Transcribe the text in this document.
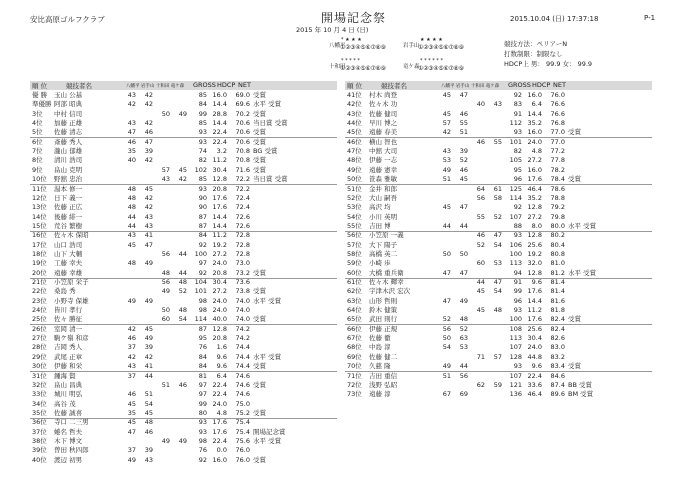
安比高原ゴルフクラブ	開場記念祭
2015 年 10 月 4 日 (日)
2015.10.04 (日) 17:37:18	P-1
八幡平
* ★ ★ ★
①②③④⑤⑥⑦⑧⑨	岩手山
★ ★ ★ ★
①②③④⑤⑥⑦⑧⑨
十和田
* * * * *
①②③④⑤⑥⑦⑧⑨	竜ケ森
* * * * * *
①②③④⑤⑥⑦⑧⑨
競技方法：ペリアーN
打数制限：制限なし
HDCP上 男： 99.9 女： 99.9
順 位	競技者名	八幡平 岩手山 十和田 竜ケ森 GROSS HDCP NET	順 位	競技者名	八幡平 岩手山 十和田 竜ケ森 GROSS HDCP NET
優 勝 玉山 公基	43 42	85 16.0 69.0 受賞
準優勝 阿部 昭典	42 42	84 14.4 69.6 水平 受賞
3位 中村 信司	50 49	99 28.8 70.2 受賞
4位 加藤 正雄	43 42	85 14.4 70.6 当日賞 受賞
5位 佐藤 清志	47 46	93 22.4 70.6 受賞
6位 斎藤 秀人	46 47	93 22.4 70.6 受賞
7位 瀧山 郁雄	35 39	74	3.2 70.8 BG 受賞
8位 清川 浩司	40 42	82 11.2 70.8 受賞
9位 畠山 克明	57 45 102 30.4 71.6 受賞
10位 野舘 忠治	43 42	85 12.8 72.2 当日賞 受賞
11位 湯本 修一	48 45	93 20.8 72.2
12位 日下 義一	48 42	90 17.6 72.4
13位 佐藤 正広	48 42	90 17.6 72.4
14位 後藤 緋一	44 43	87 14.4 72.6
15位 荒谷 繁樹	44 43	87 14.4 72.6
16位 佐々木 保昭	43 41	84 11.2 72.8
17位 山口 浩司	45 47	92 19.2 72.8
18位 山下 大輔	56 44 100 27.2 72.8
19位 工藤 幸夫	48 49	97 24.0 73.0
20位 遠藤 幸雄	48 44	92 20.8 73.2 受賞
21位 小笠原 栄子	56 48 104 30.4 73.6
22位 桑島 秀	49 52 101 27.2 73.8 受賞
23位 小野寺 保雄	49 49	98 24.0 74.0 水平 受賞
24位 皆川 孝行	50 48	98 24.0 74.0
25位 佐々 勝征	60 54 114 40.0 74.0 受賞
26位 室岡 清一	42 45	87 12.8 74.2
27位 駒ケ嶺 和彦	46 49	95 20.8 74.2
28位 吉岡 秀人	37 39	76	1.6 74.4
29位 武尾 正章	42 42	84	9.6 74.4 水平 受賞
30位 伊藤 和栄	43 41	84	9.6 74.4 受賞
31位 鍾海 賢	37 44	81	6.4 74.6
32位 畠山 昌典	51 46	97 22.4 74.6 受賞
33位 城川 明弘	46 51	97 22.4 74.6
34位 高谷 茂	45 54	99 24.0 75.0
35位 佐藤 誠喜	35 45	80	4.8 75.2 受賞
36位 寺口 二三男	45 48	93 17.6 75.4
37位 蜷名 哲夫	47 46	93 17.6 75.4 開場記念賞
38位 木下 博文	49 49	98 22.4 75.6 水平 受賞
39位 曽田 秋四郎	37 39	76	0.0 76.0
40位 渡辺 初男	49 43	92 16.0 76.0 受賞
41位 村木 尚登	45 47	92 16.0 76.0
42位 佐々木 功	40 43	83	6.4 76.6
43位 佐藤 健司	45 46	91 14.4 76.6
44位 早川 博之	57 55	112 35.2 76.8
45位 遠藤 春美	42 51	93 16.0 77.0 受賞
46位 横山 智也	46 55 101 24.0 77.0
47位 中舘 大司	43 39	82	4.8 77.2
48位 伊藤 一志	53 52	105 27.2 77.8
49位 遠藤 憲幸	49 46	95 16.0 78.2
50位 笹森 雅敏	51 45	96 17.6 78.4 受賞
51位 金井 和郎	64 61 125 46.4 78.6
52位 大山 嗣吾	56 58 114 35.2 78.8
53位 高沢 均	45 47	92 12.8 79.2
54位 小川 英明	55 52 107 27.2 79.8
55位 吉田 博	44 44	88	8.0 80.0 水平 受賞
56位 小笠原 一義	46 47	93 12.8 80.2
57位 大下 陽子	52 54 106 25.6 80.4
58位 高橋 英二	50 50	100 19.2 80.8
59位 小崎 歩	60 53 113 32.0 81.0
60位 大橋 重兵衛	47 47	94 12.8 81.2 水平 受賞
61位 佐々木 輝幸	44 47	91	9.6 81.4
62位 宇津木沢 宏次	45 54	99 17.6 81.4
63位 山形 哲則	47 49	96 14.4 81.6
64位 鈴木 健策	45 48	93 11.2 81.8
65位 武田 則行	52 48	100 17.6 82.4 受賞
66位 伊藤 正規	56 52	108 25.6 82.4
67位 佐藤 徹	50 63	113 30.4 82.6
68位 中島 淳	54 53	107 24.0 83.0
69位 佐藤 健二	71 57 128 44.8 83.2
70位 久慈 隆	49 44	93	9.6 83.4 受賞
71位 吉田 重信	51 56	107 22.4 84.6
72位 浅野 弘昭	62 59 121 33.6 87.4 BB 受賞
73位 遠藤 淳	67 69	136 46.4 89.6 BM 受賞
